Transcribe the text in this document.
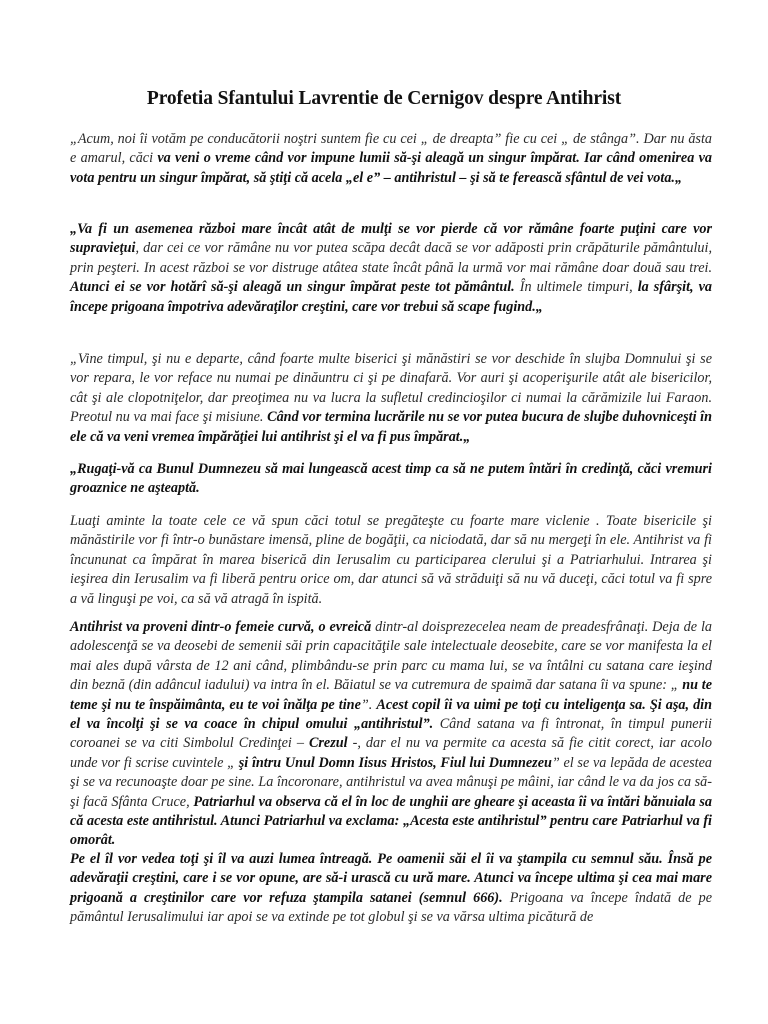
Profetia Sfantului Lavrentie de Cernigov despre Antihrist

„Acum, noi îi votăm pe conducătorii noştri suntem fie cu cei „ de dreapta” fie cu cei „ de stânga”. Dar nu ăsta e amarul, căci va veni o vreme când vor impune lumii să-şi aleagă un singur împărat. Iar când omenirea va vota pentru un singur împărat, să ştiţi că acela „el e” – antihristul – şi să te ferească sfântul de vei vota.„

„Va fi un asemenea război mare încât atât de mulţi se vor pierde că vor rămâne foarte puţini care vor supravieţui, dar cei ce vor rămâne nu vor putea scăpa decât dacă se vor adăposti prin crăpăturile pământului, prin peşteri. In acest război se vor distruge atâtea state încât până la urmă vor mai rămâne doar două sau trei. Atunci ei se vor hotărî să-şi aleagă un singur împărat peste tot pământul. În ultimele timpuri, la sfârşit, va începe prigoana împotriva adevăraţilor creştini, care vor trebui să scape fugind.„

„Vine timpul, şi nu e departe, când foarte multe biserici şi mănăstiri se vor deschide în slujba Domnului şi se vor repara, le vor reface nu numai pe dinăuntru ci şi pe dinafară. Vor auri şi acoperişurile atât ale bisericilor, cât şi ale clopotniţelor, dar preoţimea nu va lucra la sufletul credincioşilor ci numai la cărămizile lui Faraon. Preotul nu va mai face şi misiune. Când vor termina lucrările nu se vor putea bucura de slujbe duhovniceşti în ele că va veni vremea împărăţiei lui antihrist şi el va fi pus împărat.„

„Rugaţi-vă ca Bunul Dumnezeu să mai lungească acest timp ca să ne putem întări în credinţă, căci vremuri groaznice ne aşteaptă.

Luaţi aminte la toate cele ce vă spun căci totul se pregăteşte cu foarte mare viclenie . Toate bisericile şi mănăstirile vor fi într-o bunăstare imensă, pline de bogăţii, ca niciodată, dar să nu mergeţi în ele. Antihrist va fi încununat ca împărat în marea biserică din Ierusalim cu participarea clerului şi a Patriarhului. Intrarea şi ieşirea din Ierusalim va fi liberă pentru orice om, dar atunci să vă străduiţi să nu vă duceţi, căci totul va fi spre a vă linguşi pe voi, ca să vă atragă în ispită.

Antihrist va proveni dintr-o femeie curvă, o evreică dintr-al doisprezecelea neam de preadesfrânaţi. Deja de la adolescenţă se va deosebi de semenii săi prin capacităţile sale intelectuale deosebite, care se vor manifesta la el mai ales după vârsta de 12 ani când, plimbându-se prin parc cu mama lui, se va întâlni cu satana care ieşind din beznă (din adâncul iadului) va intra în el. Băiatul se va cutremura de spaimă dar satana îi va spune: „ nu te teme şi nu te înspăimânta, eu te voi înălţa pe tine”. Acest copil îi va uimi pe toţi cu inteligenţa sa. Şi aşa, din el va încolţi şi se va coace în chipul omului „antihristul”. Când satana va fi întronat, în timpul punerii coroanei se va citi Simbolul Credinţei – Crezul -, dar el nu va permite ca acesta să fie citit corect, iar acolo unde vor fi scrise cuvintele „ şi întru Unul Domn Iisus Hristos, Fiul lui Dumnezeu” el se va lepăda de acestea şi se va recunoaşte doar pe sine. La încoronare, antihristul va avea mânuşi pe mâini, iar când le va da jos ca să-şi facă Sfânta Cruce, Patriarhul va observa că el în loc de unghii are gheare şi aceasta îi va întări bănuiala sa că acesta este antihristul. Atunci Patriarhul va exclama: „Acesta este antihristul” pentru care Patriarhul va fi omorât.

Pe el îl vor vedea toţi şi îl va auzi lumea întreagă. Pe oamenii săi el îi va ştampila cu semnul său. Însă pe adevăraţii creştini, care i se vor opune, are să-i urască cu ură mare. Atunci va începe ultima şi cea mai mare prigoană a creştinilor care vor refuza ştampila satanei (semnul 666). Prigoana va începe îndată de pe pământul Ierusalimului iar apoi se va extinde pe tot globul şi se va vărsa ultima picătură de
